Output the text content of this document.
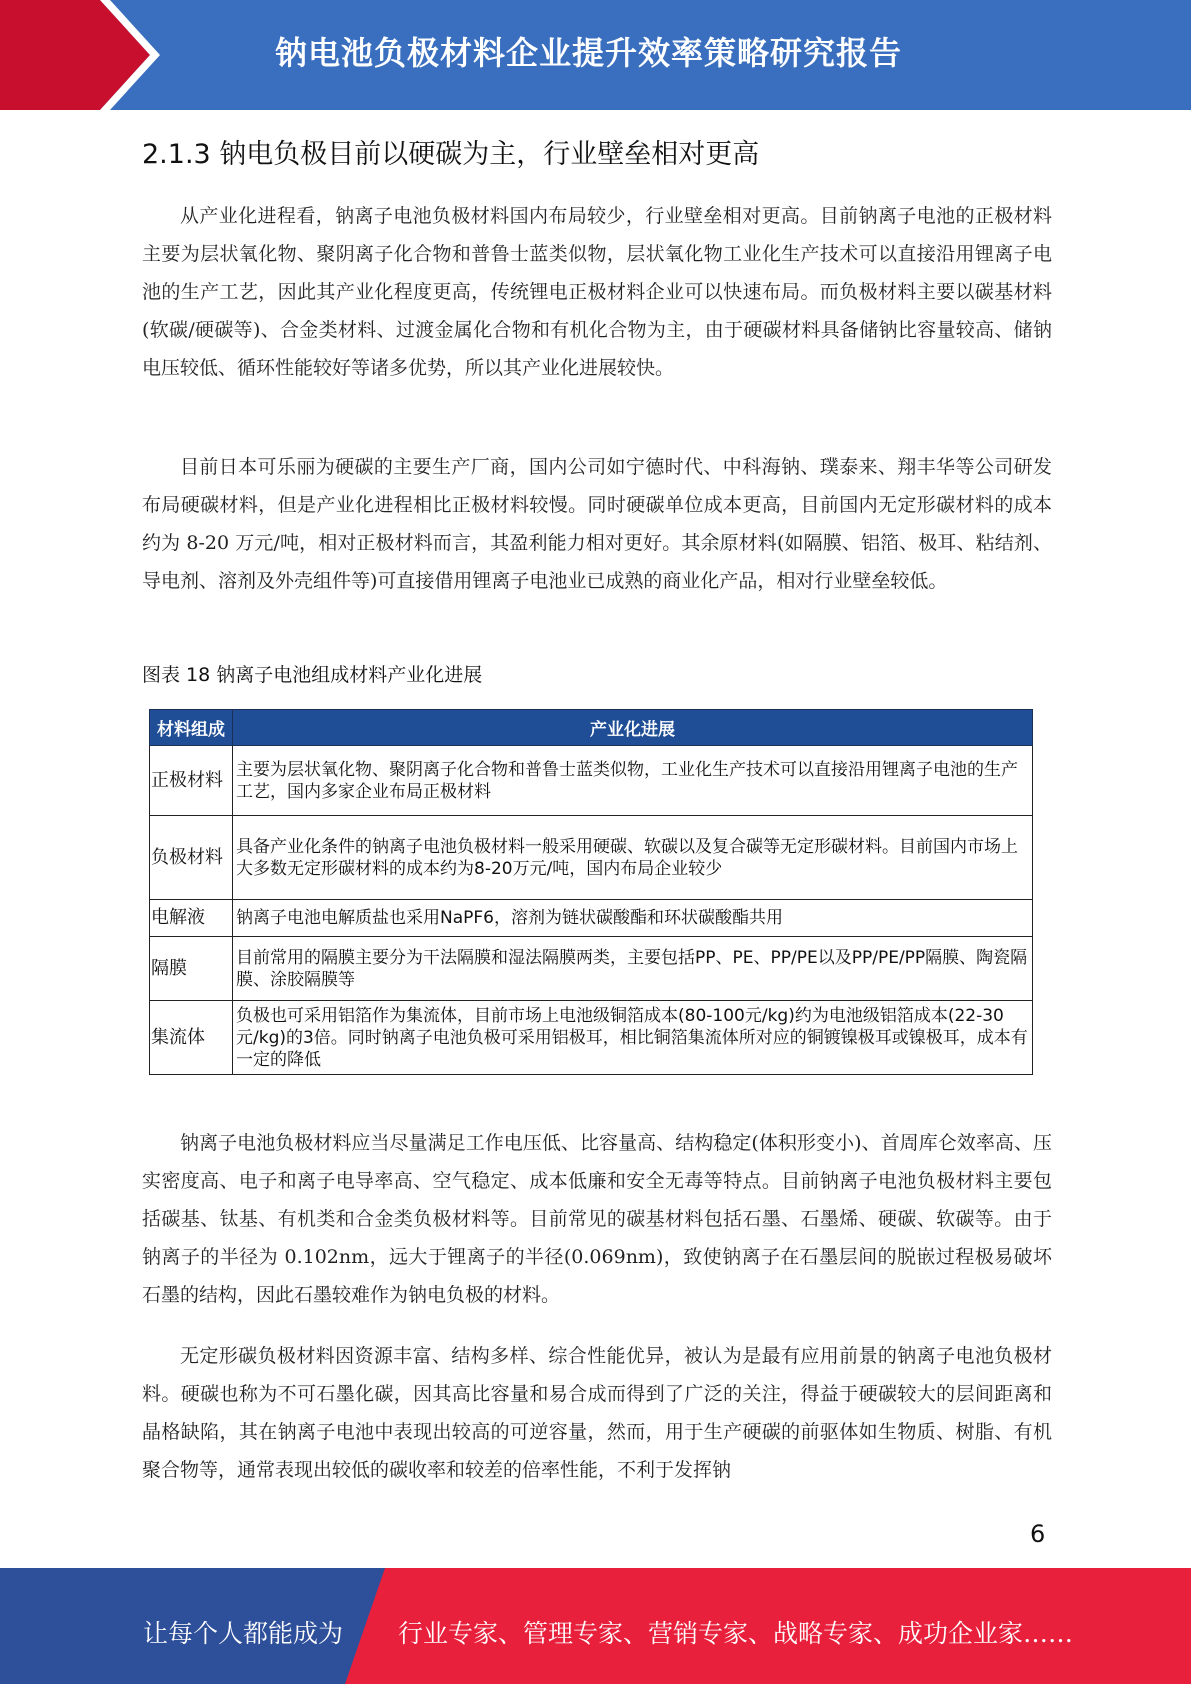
钠电池负极材料企业提升效率策略研究报告
2.1.3 钠电负极目前以硬碳为主，行业壁垒相对更高

从产业化进程看，钠离子电池负极材料国内布局较少，行业壁垒相对更高。目前钠离子电池的正极材料主要为层状氧化物、聚阴离子化合物和普鲁士蓝类似物，层状氧化物工业化生产技术可以直接沿用锂离子电池的生产工艺，因此其产业化程度更高，传统锂电正极材料企业可以快速布局。而负极材料主要以碳基材料(软碳/硬碳等)、合金类材料、过渡金属化合物和有机化合物为主，由于硬碳材料具备储钠比容量较高、储钠电压较低、循环性能较好等诸多优势，所以其产业化进展较快。

目前日本可乐丽为硬碳的主要生产厂商，国内公司如宁德时代、中科海钠、璞泰来、翔丰华等公司研发布局硬碳材料，但是产业化进程相比正极材料较慢。同时硬碳单位成本更高，目前国内无定形碳材料的成本约为 8-20 万元/吨，相对正极材料而言，其盈利能力相对更好。其余原材料(如隔膜、铝箔、极耳、粘结剂、导电剂、溶剂及外壳组件等)可直接借用锂离子电池业已成熟的商业化产品，相对行业壁垒较低。

图表 18 钠离子电池组成材料产业化进展

材料组成	产业化进展
正极材料	主要为层状氧化物、聚阴离子化合物和普鲁士蓝类似物，工业化生产技术可以直接沿用锂离子电池的生产工艺，国内多家企业布局正极材料
负极材料	具备产业化条件的钠离子电池负极材料一般采用硬碳、软碳以及复合碳等无定形碳材料。目前国内市场上大多数无定形碳材料的成本约为8-20万元/吨，国内布局企业较少
电解液	钠离子电池电解质盐也采用NaPF6，溶剂为链状碳酸酯和环状碳酸酯共用
隔膜	目前常用的隔膜主要分为干法隔膜和湿法隔膜两类，主要包括PP、PE、PP/PE以及PP/PE/PP隔膜、陶瓷隔膜、涂胶隔膜等
集流体	负极也可采用铝箔作为集流体，目前市场上电池级铜箔成本(80-100元/kg)约为电池级铝箔成本(22-30元/kg)的3倍。同时钠离子电池负极可采用铝极耳，相比铜箔集流体所对应的铜镀镍极耳或镍极耳，成本有一定的降低

钠离子电池负极材料应当尽量满足工作电压低、比容量高、结构稳定(体积形变小)、首周库仑效率高、压实密度高、电子和离子电导率高、空气稳定、成本低廉和安全无毒等特点。目前钠离子电池负极材料主要包括碳基、钛基、有机类和合金类负极材料等。目前常见的碳基材料包括石墨、石墨烯、硬碳、软碳等。由于钠离子的半径为 0.102nm，远大于锂离子的半径(0.069nm)，致使钠离子在石墨层间的脱嵌过程极易破坏石墨的结构，因此石墨较难作为钠电负极的材料。

无定形碳负极材料因资源丰富、结构多样、综合性能优异，被认为是最有应用前景的钠离子电池负极材料。硬碳也称为不可石墨化碳，因其高比容量和易合成而得到了广泛的关注，得益于硬碳较大的层间距离和晶格缺陷，其在钠离子电池中表现出较高的可逆容量，然而，用于生产硬碳的前驱体如生物质、树脂、有机聚合物等，通常表现出较低的碳收率和较差的倍率性能，不利于发挥钠

6
让每个人都能成为 行业专家、管理专家、营销专家、战略专家、成功企业家……
